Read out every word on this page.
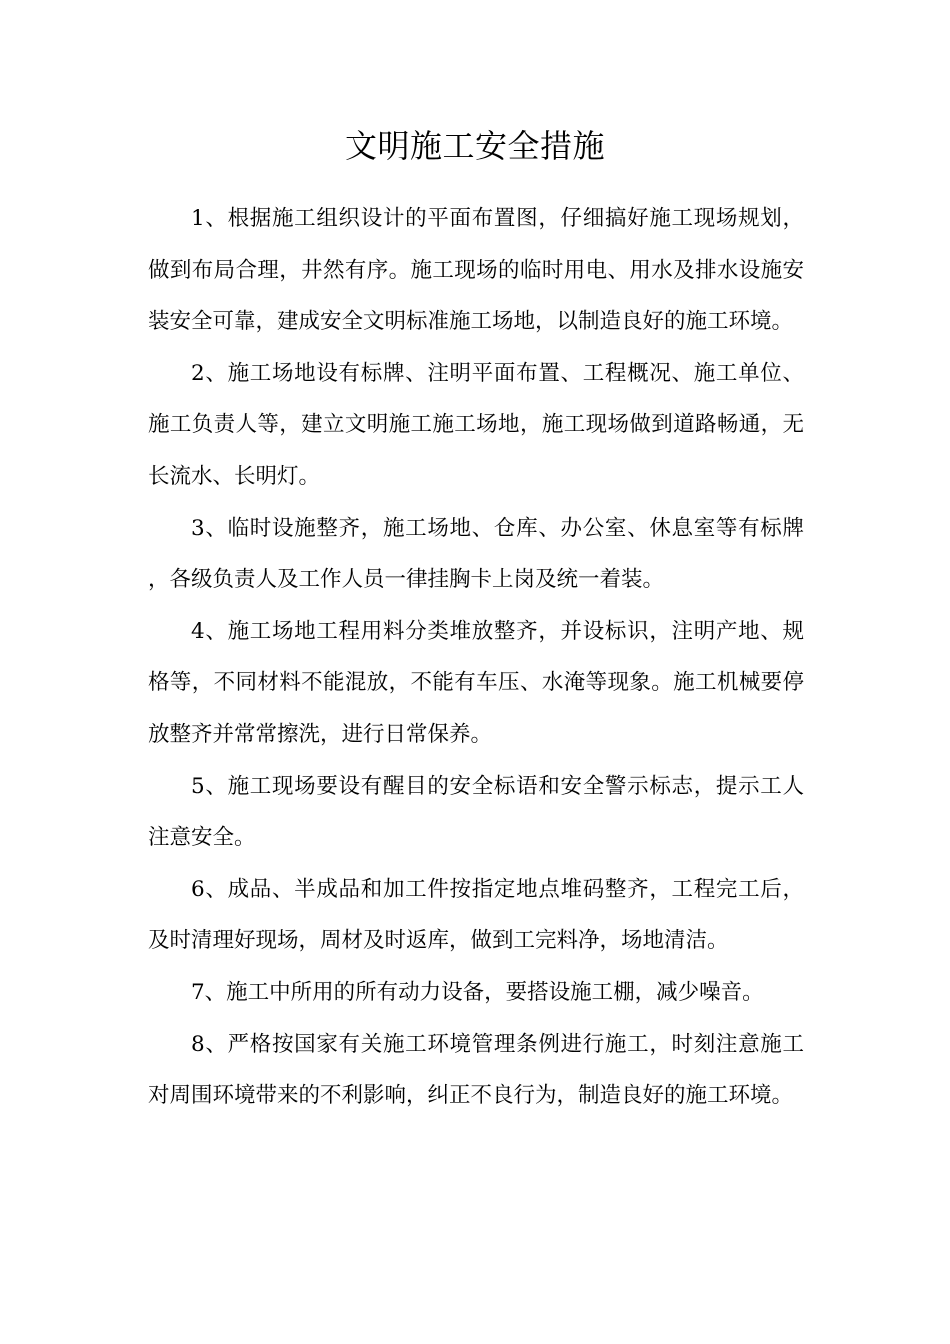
文明施工安全措施

1、根据施工组织设计的平面布置图，仔细搞好施工现场规划，做到布局合理，井然有序。施工现场的临时用电、用水及排水设施安装安全可靠，建成安全文明标准施工场地，以制造良好的施工环境。

2、施工场地设有标牌、注明平面布置、工程概况、施工单位、施工负责人等，建立文明施工施工场地，施工现场做到道路畅通，无长流水、长明灯。

3、临时设施整齐，施工场地、仓库、办公室、休息室等有标牌，各级负责人及工作人员一律挂胸卡上岗及统一着装。

4、施工场地工程用料分类堆放整齐，并设标识，注明产地、规格等，不同材料不能混放，不能有车压、水淹等现象。施工机械要停放整齐并常常擦洗，进行日常保养。

5、施工现场要设有醒目的安全标语和安全警示标志，提示工人注意安全。

6、成品、半成品和加工件按指定地点堆码整齐，工程完工后，及时清理好现场，周材及时返库，做到工完料净，场地清洁。

7、施工中所用的所有动力设备，要搭设施工棚，减少噪音。

8、严格按国家有关施工环境管理条例进行施工，时刻注意施工对周围环境带来的不利影响，纠正不良行为，制造良好的施工环境。
